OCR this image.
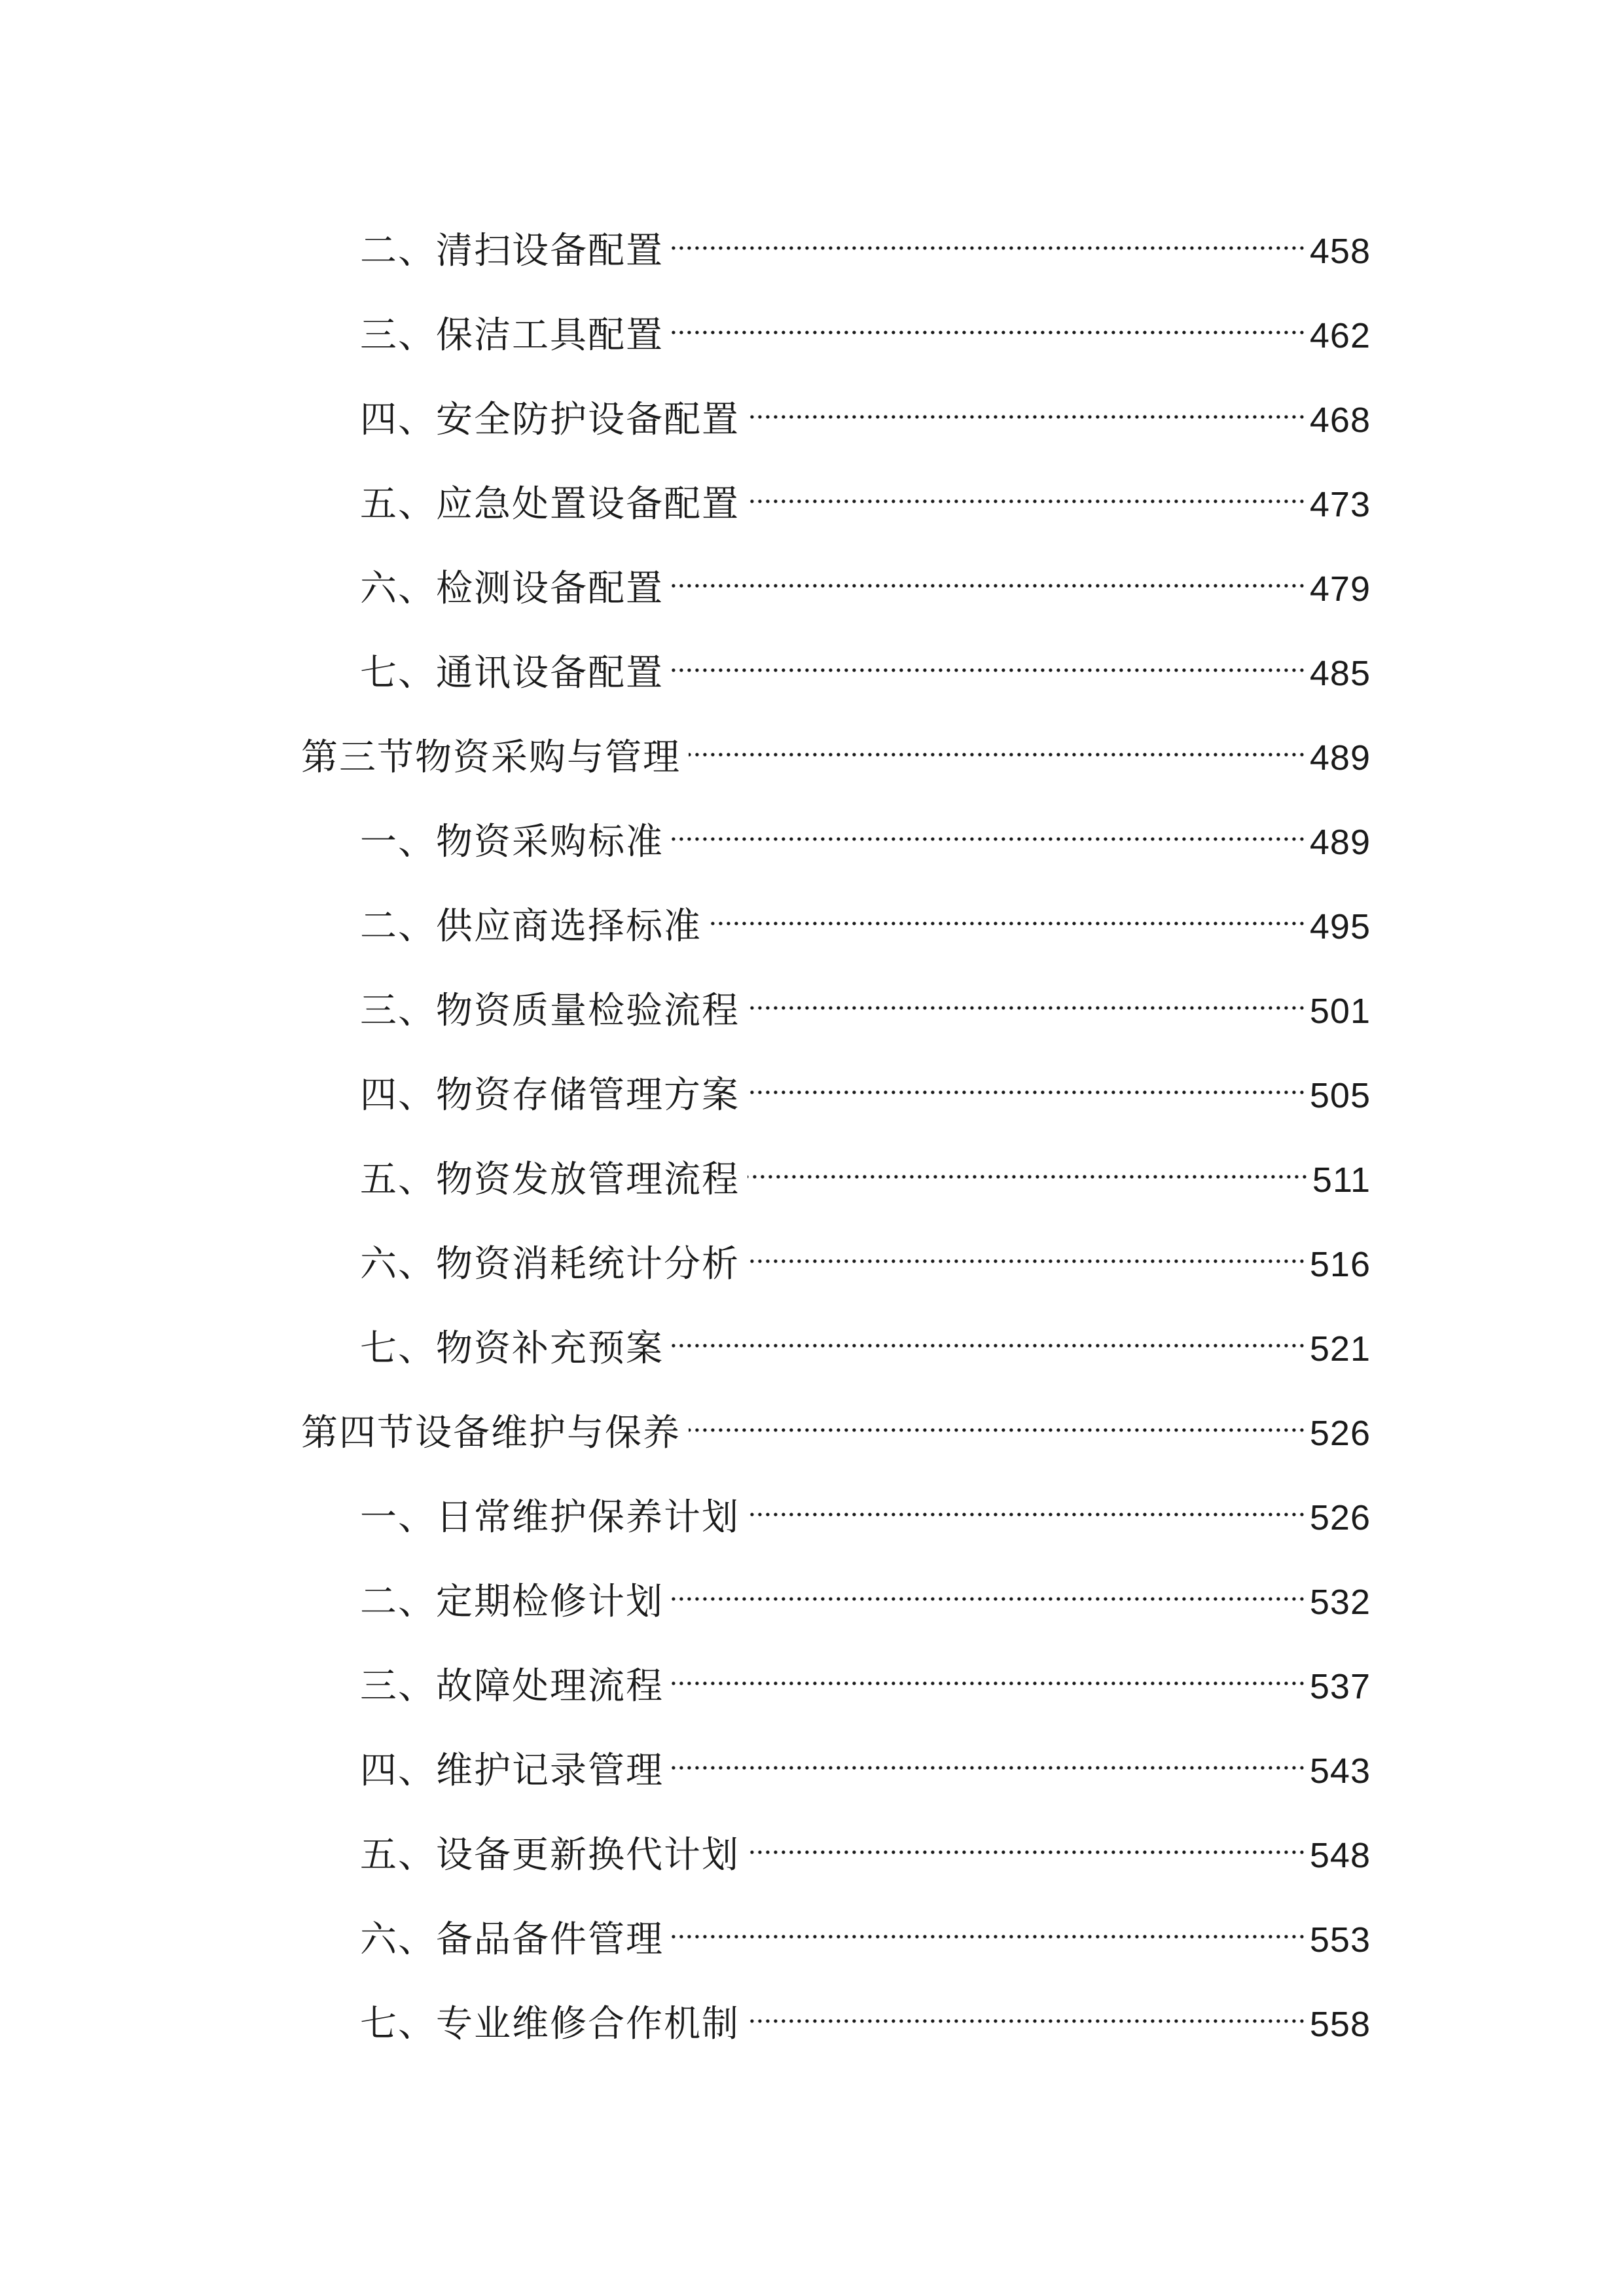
二、清扫设备配置	458
三、保洁工具配置	462
四、安全防护设备配置	468
五、应急处置设备配置	473
六、检测设备配置	479
七、通讯设备配置	485
第三节物资采购与管理	489
一、物资采购标准	489
二、供应商选择标准	495
三、物资质量检验流程	501
四、物资存储管理方案	505
五、物资发放管理流程	511
六、物资消耗统计分析	516
七、物资补充预案	521
第四节设备维护与保养	526
一、日常维护保养计划	526
二、定期检修计划	532
三、故障处理流程	537
四、维护记录管理	543
五、设备更新换代计划	548
六、备品备件管理	553
七、专业维修合作机制	558
